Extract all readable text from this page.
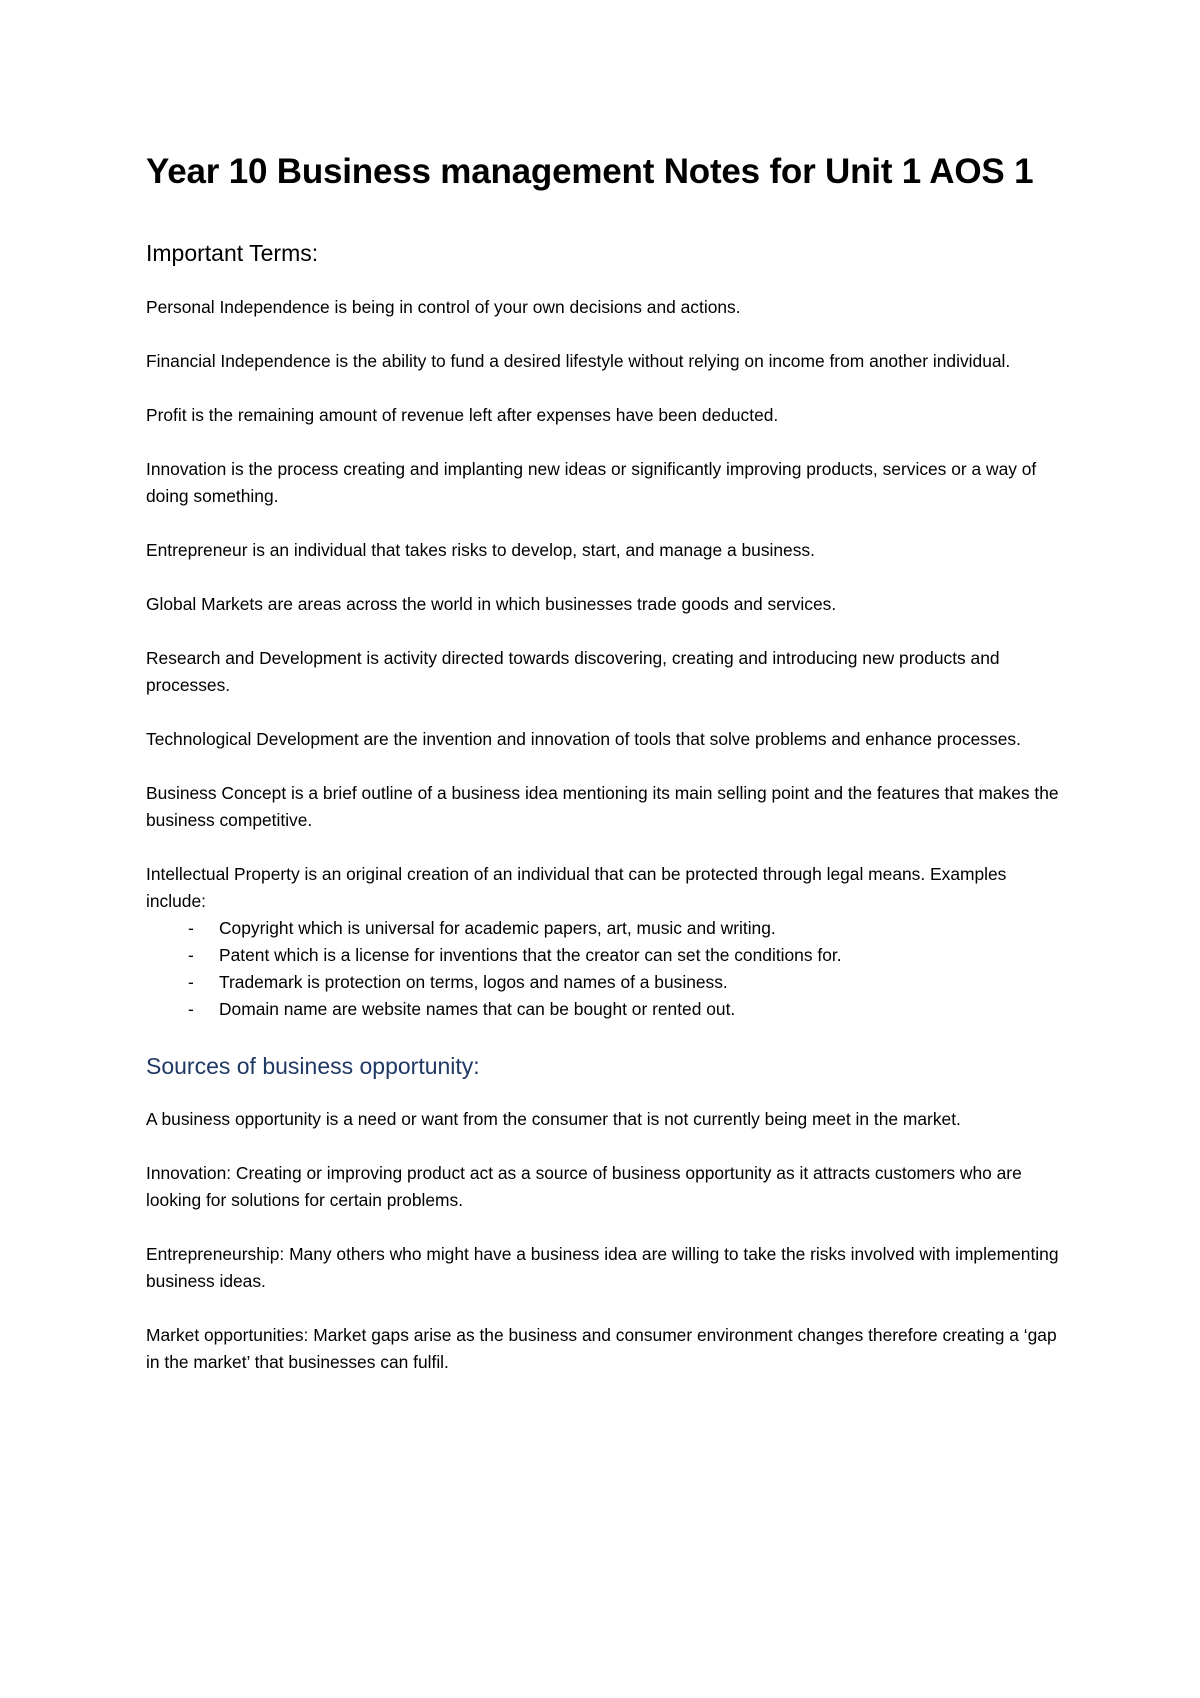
Year 10 Business management Notes for Unit 1 AOS 1
Important Terms:

Personal Independence is being in control of your own decisions and actions.

Financial Independence is the ability to fund a desired lifestyle without relying on income from another individual.

Profit is the remaining amount of revenue left after expenses have been deducted.

Innovation is the process creating and implanting new ideas or significantly improving products, services or a way of doing something.

Entrepreneur is an individual that takes risks to develop, start, and manage a business.

Global Markets are areas across the world in which businesses trade goods and services.

Research and Development is activity directed towards discovering, creating and introducing new products and processes.

Technological Development are the invention and innovation of tools that solve problems and enhance processes.

Business Concept is a brief outline of a business idea mentioning its main selling point and the features that makes the business competitive.

Intellectual Property is an original creation of an individual that can be protected through legal means. Examples include:

- Copyright which is universal for academic papers, art, music and writing.
- Patent which is a license for inventions that the creator can set the conditions for.
- Trademark is protection on terms, logos and names of a business.
- Domain name are website names that can be bought or rented out.
Sources of business opportunity:

A business opportunity is a need or want from the consumer that is not currently being meet in the market.

Innovation: Creating or improving product act as a source of business opportunity as it attracts customers who are looking for solutions for certain problems.

Entrepreneurship: Many others who might have a business idea are willing to take the risks involved with implementing business ideas.

Market opportunities: Market gaps arise as the business and consumer environment changes therefore creating a ‘gap in the market’ that businesses can fulfil.
